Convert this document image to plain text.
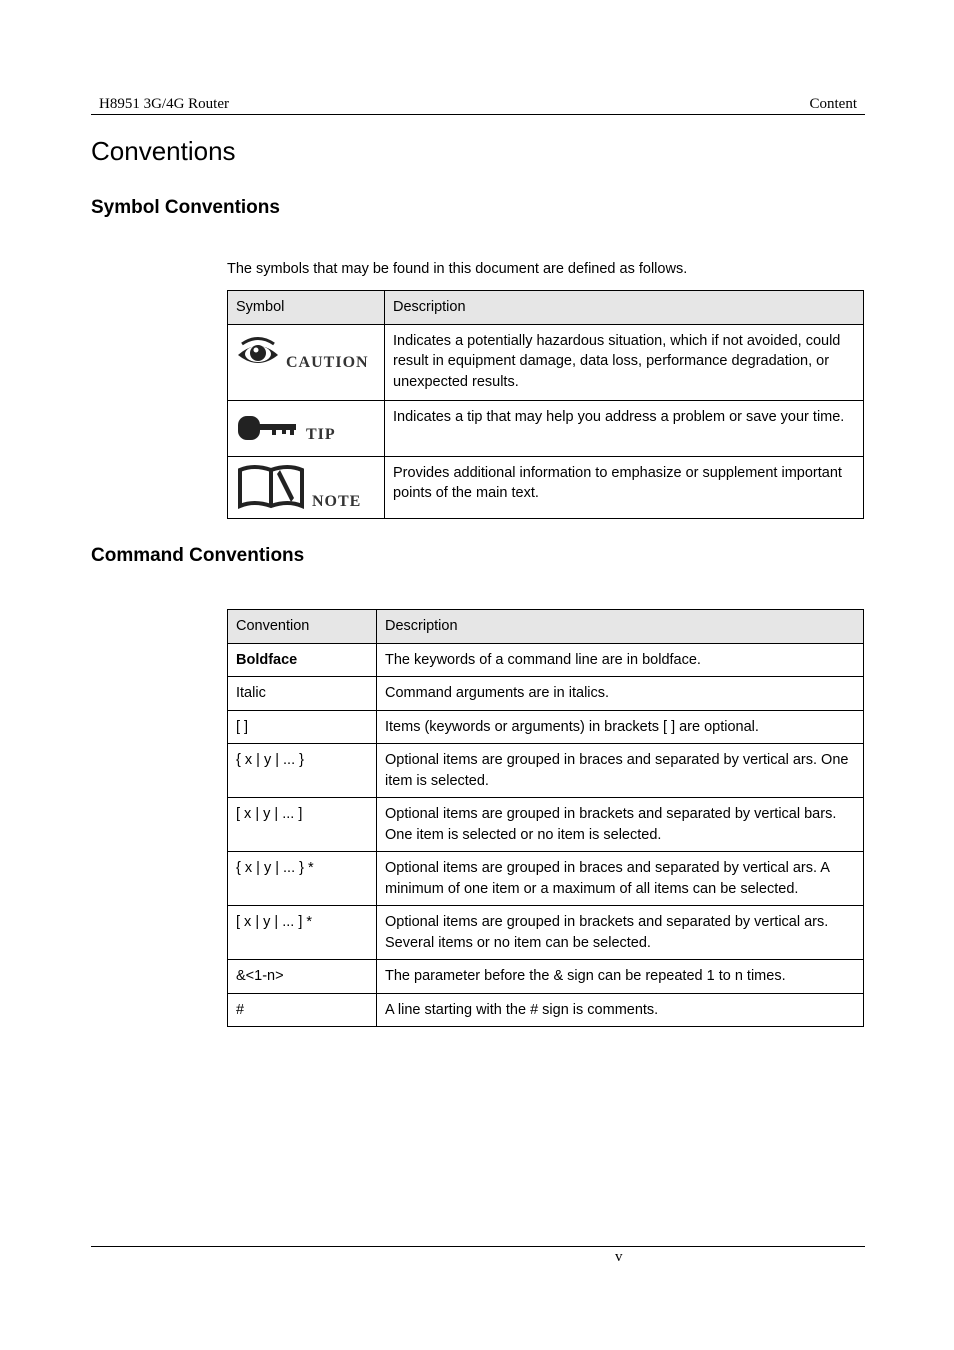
H8951 3G/4G Router	Content
Conventions
Symbol Conventions

The symbols that may be found in this document are defined as follows.

Symbol	Description

CAUTION	Indicates a potentially hazardous situation, which if not avoided, could result in equipment damage, data loss, performance degradation, or unexpected results.

TIP	Indicates a tip that may help you address a problem or save your time.

NOTE	Provides additional information to emphasize or supplement important points of the main text.
Command Conventions
Convention	Description
Boldface	The keywords of a command line are in boldface.
Italic	Command arguments are in italics.
[ ]	Items (keywords or arguments) in brackets [ ] are optional.
{ x | y | ... }	Optional items are grouped in braces and separated by vertical ars. One item is selected.
[ x | y | ... ]	Optional items are grouped in brackets and separated by vertical bars. One item is selected or no item is selected.
{ x | y | ... } *	Optional items are grouped in braces and separated by vertical ars. A minimum of one item or a maximum of all items can be selected.
[ x | y | ... ] *	Optional items are grouped in brackets and separated by vertical ars. Several items or no item can be selected.
&<1-n>	The parameter before the & sign can be repeated 1 to n times.
#	A line starting with the # sign is comments.
v
